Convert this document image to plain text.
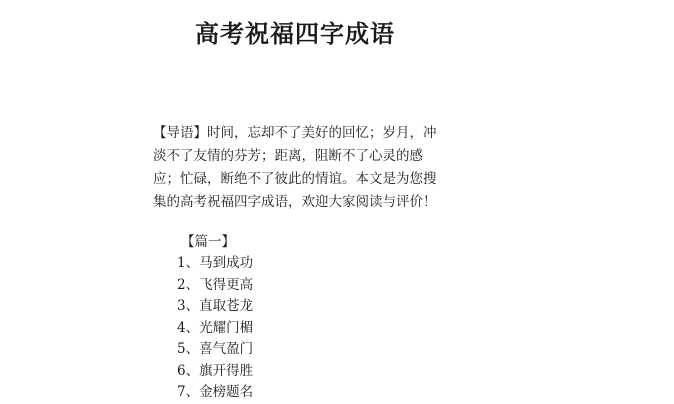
高考祝福四字成语
【导语】时间，忘却不了美好的回忆；岁月，冲淡不了友情的芬芳；距离，阻断不了心灵的感应；忙碌，断绝不了彼此的情谊。本文是为您搜集的高考祝福四字成语，欢迎大家阅读与评价！
【篇一】
1、马到成功
2、飞得更高
3、直取苍龙
4、光耀门楣
5、喜气盈门
6、旗开得胜
7、金榜题名
